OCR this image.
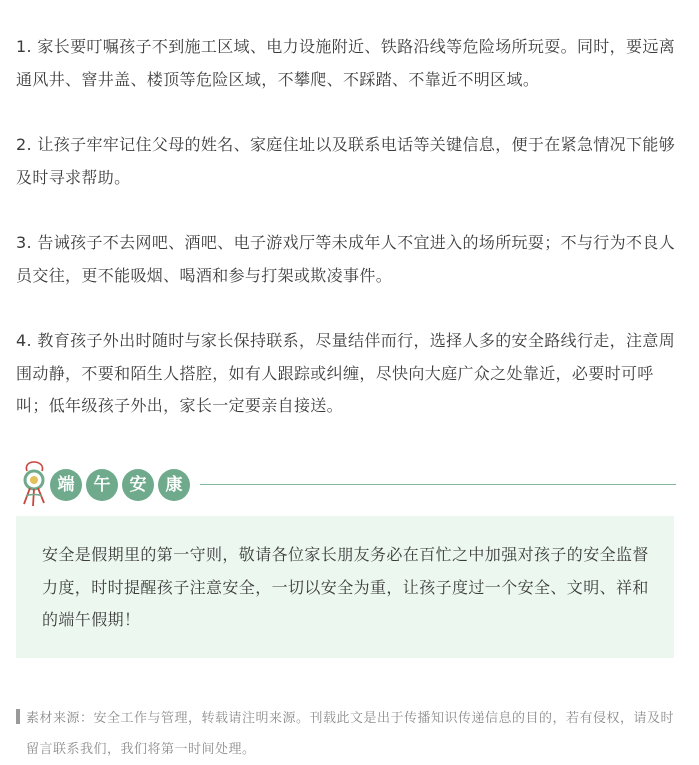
1. 家长要叮嘱孩子不到施工区域、电力设施附近、铁路沿线等危险场所玩耍。同时，要远离通风井、窨井盖、楼顶等危险区域，不攀爬、不踩踏、不靠近不明区域。

2. 让孩子牢牢记住父母的姓名、家庭住址以及联系电话等关键信息，便于在紧急情况下能够及时寻求帮助。

3. 告诫孩子不去网吧、酒吧、电子游戏厅等未成年人不宜进入的场所玩耍；不与行为不良人员交往，更不能吸烟、喝酒和参与打架或欺凌事件。

4. 教育孩子外出时随时与家长保持联系，尽量结伴而行，选择人多的安全路线行走，注意周围动静，不要和陌生人搭腔，如有人跟踪或纠缠，尽快向大庭广众之处靠近，必要时可呼叫；低年级孩子外出，家长一定要亲自接送。

端	午	安	康

安全是假期里的第一守则，敬请各位家长朋友务必在百忙之中加强对孩子的安全监督力度，时时提醒孩子注意安全，一切以安全为重，让孩子度过一个安全、文明、祥和的端午假期！

素材来源：安全工作与管理，转载请注明来源。刊载此文是出于传播知识传递信息的目的，若有侵权，请及时留言联系我们，我们将第一时间处理。
